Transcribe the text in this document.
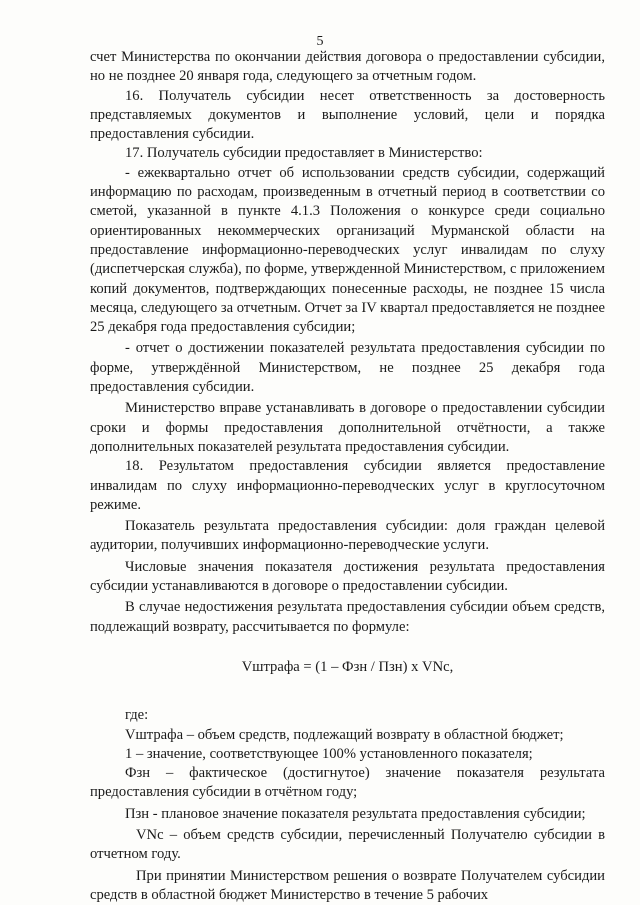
5

счет Министерства по окончании действия договора о предоставлении субсидии, но не позднее 20 января года, следующего за отчетным годом.

16. Получатель субсидии несет ответственность за достоверность представляемых документов и выполнение условий, цели и порядка предоставления субсидии.

17. Получатель субсидии предоставляет в Министерство:

- ежеквартально отчет об использовании средств субсидии, содержащий информацию по расходам, произведенным в отчетный период в соответствии со сметой, указанной в пункте 4.1.3 Положения о конкурсе среди социально ориентированных некоммерческих организаций Мурманской области на предоставление информационно-переводческих услуг инвалидам по слуху (диспетчерская служба), по форме, утвержденной Министерством, с приложением копий документов, подтверждающих понесенные расходы, не позднее 15 числа месяца, следующего за отчетным. Отчет за IV квартал предоставляется не позднее 25 декабря года предоставления субсидии;

- отчет о достижении показателей результата предоставления субсидии по форме, утверждённой Министерством, не позднее 25 декабря года предоставления субсидии.

Министерство вправе устанавливать в договоре о предоставлении субсидии сроки и формы предоставления дополнительной отчётности, а также дополнительных показателей результата предоставления субсидии.

18. Результатом предоставления субсидии является предоставление инвалидам по слуху информационно-переводческих услуг в круглосуточном режиме.

Показатель результата предоставления субсидии: доля граждан целевой аудитории, получивших информационно-переводческие услуги.

Числовые значения показателя достижения результата предоставления субсидии устанавливаются в договоре о предоставлении субсидии.

В случае недостижения результата предоставления субсидии объем средств, подлежащий возврату, рассчитывается по формуле:

Vштрафа = (1 – Фзн / Пзн) х VNс,

где:

Vштрафа – объем средств, подлежащий возврату в областной бюджет;

1 – значение, соответствующее 100% установленного показателя;

Фзн – фактическое (достигнутое) значение показателя результата предоставления субсидии в отчётном году;

Пзн - плановое значение показателя результата предоставления субсидии;

VNс – объем средств субсидии, перечисленный Получателю субсидии в отчетном году.

При принятии Министерством решения о возврате Получателем субсидии средств в областной бюджет Министерство в течение 5 рабочих
